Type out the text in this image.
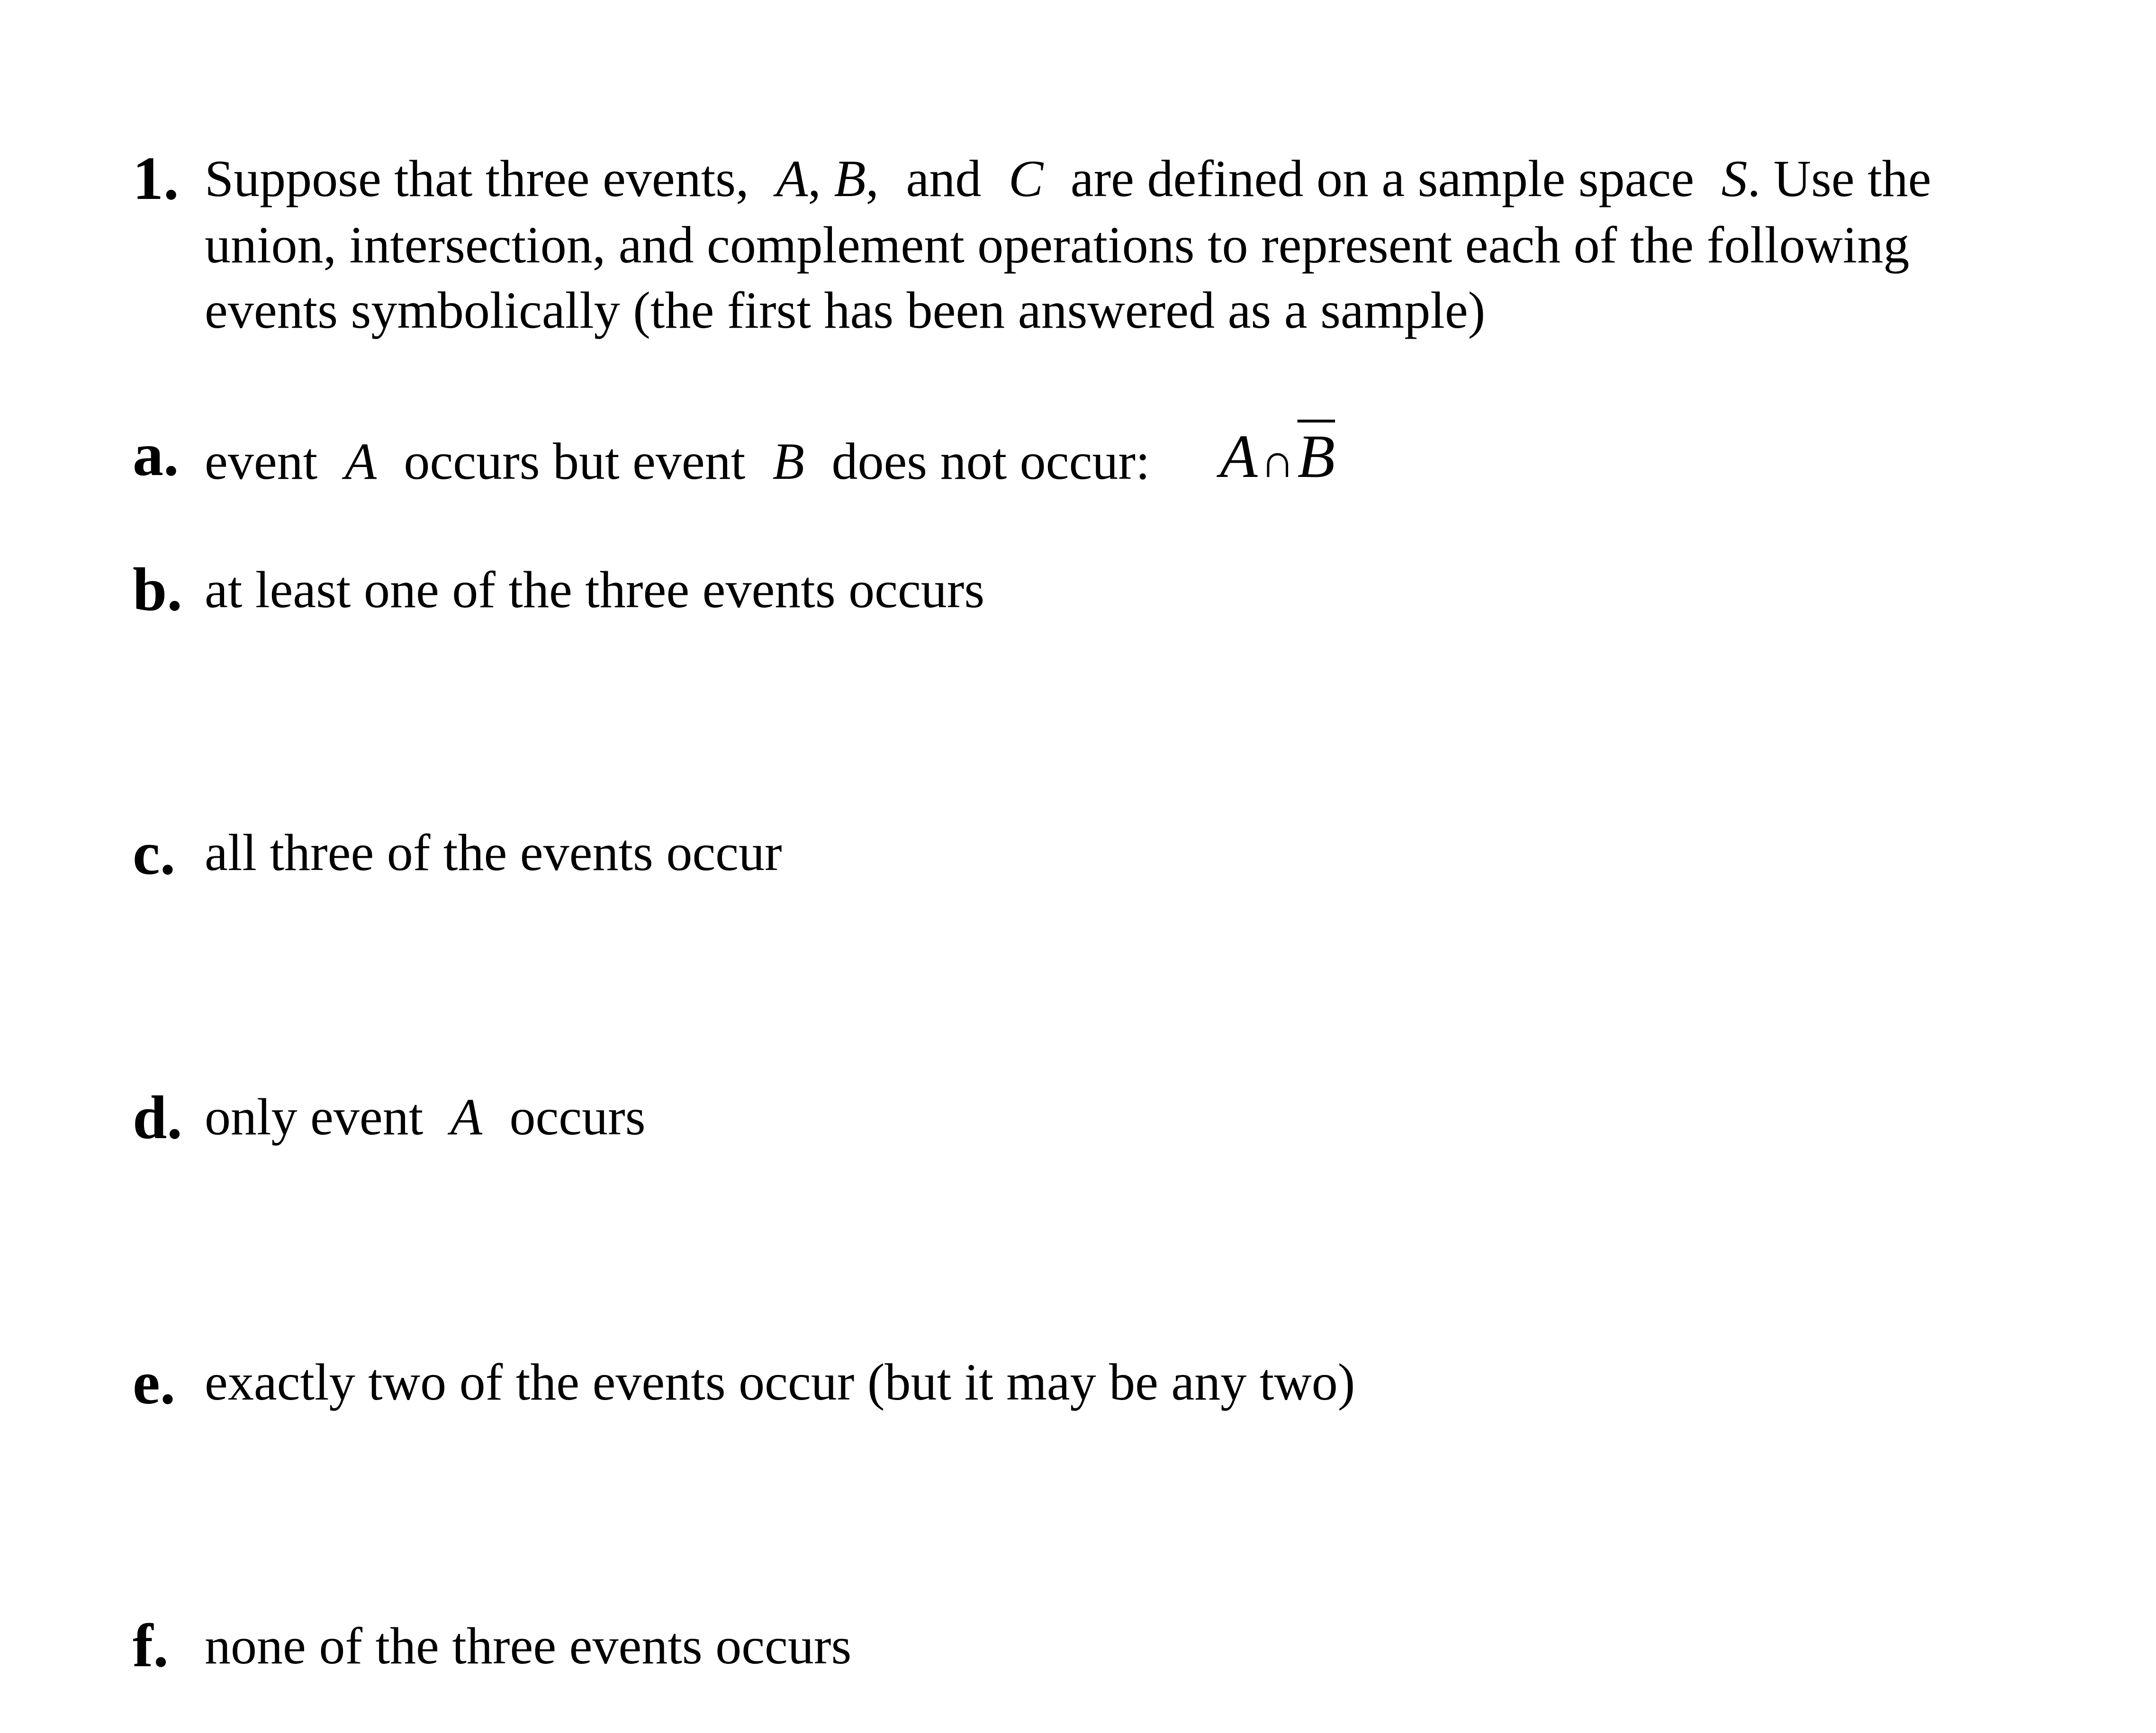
1. Suppose that three events, A, B, and C are defined on a sample space S. Use the
union, intersection, and complement operations to represent each of the following
events symbolically (the first has been answered as a sample)
a. event A occurs but event B does not occur: $A\cap\overline{B}$
b. at least one of the three events occurs
c. all three of the events occur
d. only event A occurs
e. exactly two of the events occur (but it may be any two)
f. none of the three events occurs
